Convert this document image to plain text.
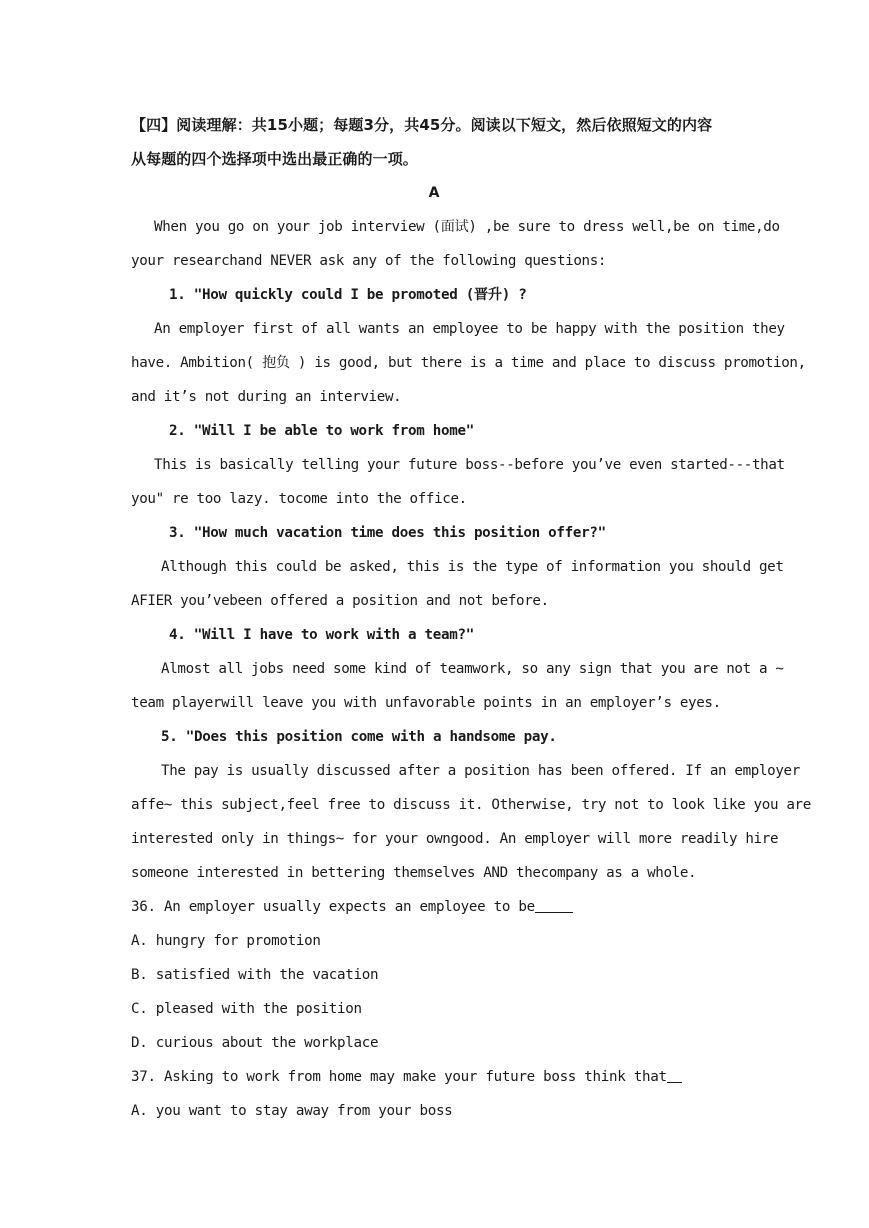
【四】阅读理解：共15小题；每题3分，共45分。阅读以下短文，然后依照短文的内容
从每题的四个选择项中选出最正确的一项。
A
When you go on your job interview (面试) ,be sure to dress well,be on time,do
your researchand NEVER ask any of the following questions:
1. "How quickly could I be promoted (晋升) ?
An employer first of all wants an employee to be happy with the position they
have. Ambition( 抱负 ) is good, but there is a time and place to discuss promotion,
and it’s not during an interview.
2. "Will I be able to work from home"
This is basically telling your future boss--before you’ve even started---that
you" re too lazy. tocome into the office.
3. "How much vacation time does this position offer?"
Although this could be asked, this is the type of information you should get
AFIER you’vebeen offered a position and not before.
4. "Will I have to work with a team?"
Almost all jobs need some kind of teamwork, so any sign that you are not a ~
team playerwill leave you with unfavorable points in an employer’s eyes.
5. "Does this position come with a handsome pay.
The pay is usually discussed after a position has been offered. If an employer
affe~ this subject,feel free to discuss it. Otherwise, try not to look like you are
interested only in things~ for your owngood. An employer will more readily hire
someone interested in bettering themselves AND thecompany as a whole.
36. An employer usually expects an employee to be
A. hungry for promotion
B. satisfied with the vacation
C. pleased with the position
D. curious about the workplace
37. Asking to work from home may make your future boss think that
A. you want to stay away from your boss
